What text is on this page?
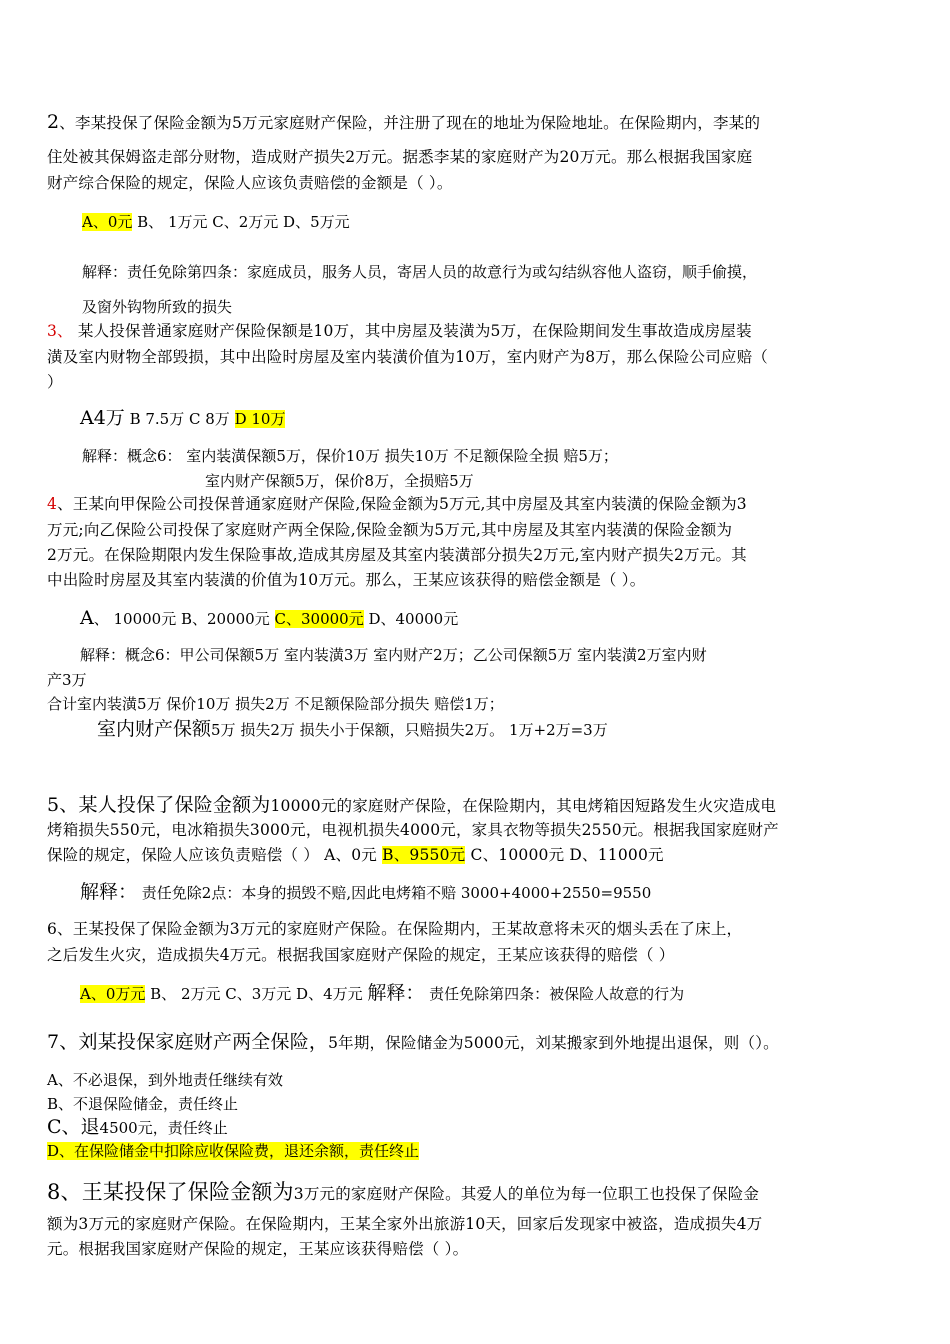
2、李某投保了保险金额为5万元家庭财产保险，并注册了现在的地址为保险地址。在保险期内，李某的
住处被其保姆盗走部分财物，造成财产损失2万元。据悉李某的家庭财产为20万元。那么根据我国家庭
财产综合保险的规定，保险人应该负责赔偿的金额是（ ）。
A、0元 B、 1万元 C、2万元 D、5万元
解释：责任免除第四条：家庭成员，服务人员，寄居人员的故意行为或勾结纵容他人盗窃，顺手偷摸，
及窗外钩物所致的损失
3、 某人投保普通家庭财产保险保额是10万，其中房屋及装潢为5万，在保险期间发生事故造成房屋装
潢及室内财物全部毁损，其中出险时房屋及室内装潢价值为10万，室内财产为8万，那么保险公司应赔（
）
A4万 B 7.5万 C 8万 D 10万
解释：概念6： 室内装潢保额5万，保价10万 损失10万 不足额保险全损 赔5万；
室内财产保额5万，保价8万，全损赔5万
4、王某向甲保险公司投保普通家庭财产保险,保险金额为5万元,其中房屋及其室内装潢的保险金额为3
万元;向乙保险公司投保了家庭财产两全保险,保险金额为5万元,其中房屋及其室内装潢的保险金额为
2万元。在保险期限内发生保险事故,造成其房屋及其室内装潢部分损失2万元,室内财产损失2万元。其
中出险时房屋及其室内装潢的价值为10万元。那么，王某应该获得的赔偿金额是（ ）。
A、 10000元 B、20000元 C、30000元 D、40000元
解释：概念6：甲公司保额5万 室内装潢3万 室内财产2万；乙公司保额5万 室内装潢2万室内财
产3万
合计室内装潢5万 保价10万 损失2万 不足额保险部分损失 赔偿1万；
室内财产保额5万 损失2万 损失小于保额，只赔损失2万。 1万+2万=3万
5、某人投保了保险金额为10000元的家庭财产保险，在保险期内，其电烤箱因短路发生火灾造成电
烤箱损失550元，电冰箱损失3000元，电视机损失4000元，家具衣物等损失2550元。根据我国家庭财产
保险的规定，保险人应该负责赔偿（ ） A、0元 B、9550元 C、10000元 D、11000元
解释： 责任免除2点：本身的损毁不赔,因此电烤箱不赔 3000+4000+2550=9550
6、王某投保了保险金额为3万元的家庭财产保险。在保险期内，王某故意将未灭的烟头丢在了床上，
之后发生火灾，造成损失4万元。根据我国家庭财产保险的规定，王某应该获得的赔偿（ ）
A、0万元 B、 2万元 C、3万元 D、4万元 解释： 责任免除第四条：被保险人故意的行为
7、刘某投保家庭财产两全保险，5年期，保险储金为5000元，刘某搬家到外地提出退保，则（）。
A、不必退保，到外地责任继续有效
B、不退保险储金，责任终止
C、退4500元，责任终止
D、在保险储金中扣除应收保险费，退还余额，责任终止
8、王某投保了保险金额为3万元的家庭财产保险。其爱人的单位为每一位职工也投保了保险金
额为3万元的家庭财产保险。在保险期内，王某全家外出旅游10天，回家后发现家中被盗，造成损失4万
元。根据我国家庭财产保险的规定，王某应该获得赔偿（ ）。
